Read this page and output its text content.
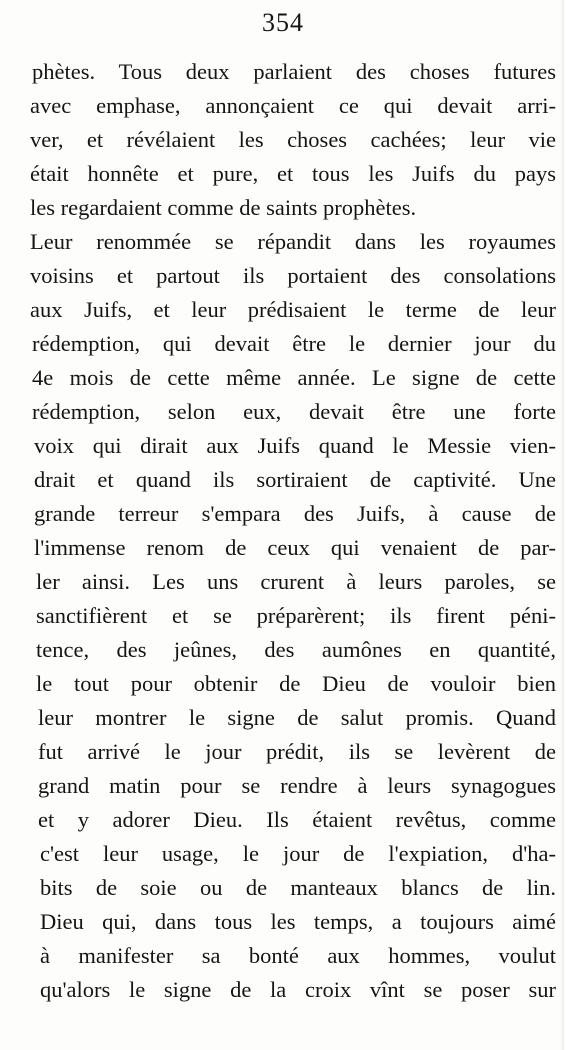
354
phètes. Tous deux parlaient des choses futures
avec emphase, annonçaient ce qui devait arri-
ver, et révélaient les choses cachées; leur vie
était honnête et pure, et tous les Juifs du pays
les regardaient comme de saints prophètes.
Leur renommée se répandit dans les royaumes
voisins et partout ils portaient des consolations
aux Juifs, et leur prédisaient le terme de leur
rédemption, qui devait être le dernier jour du
4e mois de cette même année. Le signe de cette
rédemption, selon eux, devait être une forte
voix qui dirait aux Juifs quand le Messie vien-
drait et quand ils sortiraient de captivité. Une
grande terreur s'empara des Juifs, à cause de
l'immense renom de ceux qui venaient de par-
ler ainsi. Les uns crurent à leurs paroles, se
sanctifièrent et se préparèrent; ils firent péni-
tence, des jeûnes, des aumônes en quantité,
le tout pour obtenir de Dieu de vouloir bien
leur montrer le signe de salut promis. Quand
fut arrivé le jour prédit, ils se levèrent de
grand matin pour se rendre à leurs synagogues
et y adorer Dieu. Ils étaient revêtus, comme
c'est leur usage, le jour de l'expiation, d'ha-
bits de soie ou de manteaux blancs de lin.
Dieu qui, dans tous les temps, a toujours aimé
à manifester sa bonté aux hommes, voulut
qu'alors le signe de la croix vînt se poser sur
